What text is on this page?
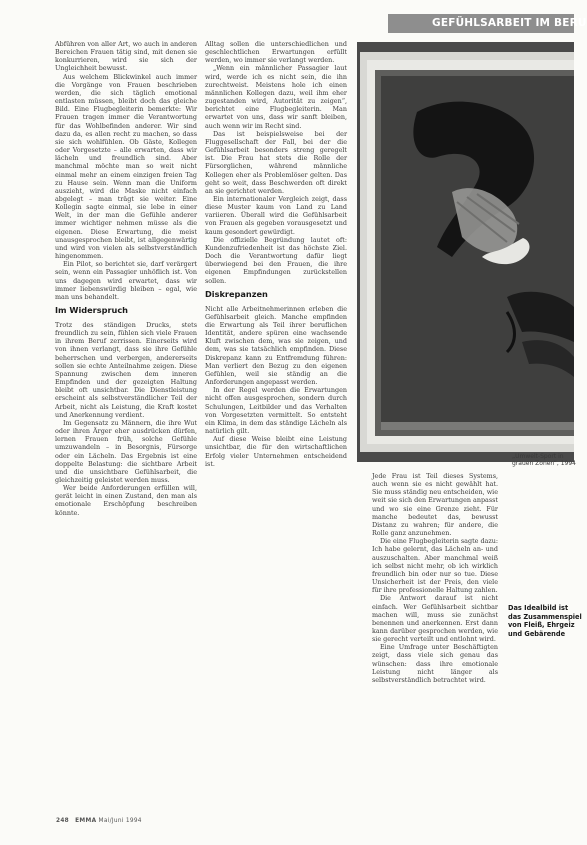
GEFÜHLSARBEIT IM BERU

Abführen von aller Art, wo auch in anderen Bereichen Frauen tätig sind, mit denen sie konkurrieren, wird sie sich der Ungleichheit bewusst.

Aus welchem Blickwinkel auch immer die Vorgänge von Frauen beschrieben werden, die sich täglich emotional entlasten müssen, bleibt doch das gleiche Bild. Eine Flugbegleiterin bemerkte: Wir Frauen tragen immer die Verantwortung für das Wohlbefinden anderer. Wir sind dazu da, es allen recht zu machen, so dass sie sich wohlfühlen. Ob Gäste, Kollegen oder Vorgesetzte – alle erwarten, dass wir lächeln und freundlich sind. Aber manchmal möchte man so weit nicht einmal mehr an einem einzigen freien Tag zu Hause sein. Wenn man die Uniform auszieht, wird die Maske nicht einfach abgelegt – man trägt sie weiter. Eine Kollegin sagte einmal, sie lebe in einer Welt, in der man die Gefühle anderer immer wichtiger nehmen müsse als die eigenen. Diese Erwartung, die meist unausgesprochen bleibt, ist allgegenwärtig und wird von vielen als selbstverständlich hingenommen.

Ein Pilot, so berichtet sie, darf verärgert sein, wenn ein Passagier unhöflich ist. Von uns dagegen wird erwartet, dass wir immer liebenswürdig bleiben – egal, wie man uns behandelt.

Im Widerspruch

Trotz des ständigen Drucks, stets freundlich zu sein, fühlen sich viele Frauen in ihrem Beruf zerrissen. Einerseits wird von ihnen verlangt, dass sie ihre Gefühle beherrschen und verbergen, andererseits sollen sie echte Anteilnahme zeigen. Diese Spannung zwischen dem inneren Empfinden und der gezeigten Haltung bleibt oft unsichtbar. Die Dienstleistung erscheint als selbstverständlicher Teil der Arbeit, nicht als Leistung, die Kraft kostet und Anerkennung verdient.

Im Gegensatz zu Männern, die ihre Wut oder ihren Ärger eher ausdrücken dürfen, lernen Frauen früh, solche Gefühle umzuwandeln – in Besorgnis, Fürsorge oder ein Lächeln. Das Ergebnis ist eine doppelte Belastung: die sichtbare Arbeit und die unsichtbare Gefühlsarbeit, die gleichzeitig geleistet werden muss.

Wer beide Anforderungen erfüllen will, gerät leicht in einen Zustand, den man als emotionale Erschöpfung beschreiben könnte.

Alltag sollen die unterschiedlichen und geschlechtlichen Erwartungen erfüllt werden, wo immer sie verlangt werden.

„Wenn ein männlicher Passagier laut wird, werde ich es nicht sein, die ihn zurechtweist. Meistens hole ich einen männlichen Kollegen dazu, weil ihm eher zugestanden wird, Autorität zu zeigen“, berichtet eine Flugbegleiterin. Man erwartet von uns, dass wir sanft bleiben, auch wenn wir im Recht sind.

Das ist beispielsweise bei der Fluggesellschaft der Fall, bei der die Gefühlsarbeit besonders streng geregelt ist. Die Frau hat stets die Rolle der Fürsorglichen, während männliche Kollegen eher als Problemlöser gelten. Das geht so weit, dass Beschwerden oft direkt an sie gerichtet werden.

Ein internationaler Vergleich zeigt, dass diese Muster kaum von Land zu Land variieren. Überall wird die Gefühlsarbeit von Frauen als gegeben vorausgesetzt und kaum gesondert gewürdigt.

Die offizielle Begründung lautet oft: Kundenzufriedenheit ist das höchste Ziel. Doch die Verantwortung dafür liegt überwiegend bei den Frauen, die ihre eigenen Empfindungen zurückstellen sollen.

Diskrepanzen

Nicht alle Arbeitnehmerinnen erleben die Gefühlsarbeit gleich. Manche empfinden die Erwartung als Teil ihrer beruflichen Identität, andere spüren eine wachsende Kluft zwischen dem, was sie zeigen, und dem, was sie tatsächlich empfinden. Diese Diskrepanz kann zu Entfremdung führen: Man verliert den Bezug zu den eigenen Gefühlen, weil sie ständig an die Anforderungen angepasst werden.

In der Regel werden die Erwartungen nicht offen ausgesprochen, sondern durch Schulungen, Leitbilder und das Verhalten von Vorgesetzten vermittelt. So entsteht ein Klima, in dem das ständige Lächeln als natürlich gilt.

Auf diese Weise bleibt eine Leistung unsichtbar, die für den wirtschaftlichen Erfolg vieler Unternehmen entscheidend ist.

„Umwelt-Sport in
grauen Zonen“, 1994

Jede Frau ist Teil dieses Systems, auch wenn sie es nicht gewählt hat. Sie muss ständig neu entscheiden, wie weit sie sich den Erwartungen anpasst und wo sie eine Grenze zieht. Für manche bedeutet das, bewusst Distanz zu wahren; für andere, die Rolle ganz anzunehmen.

Die eine Flugbegleiterin sagte dazu: Ich habe gelernt, das Lächeln an- und auszuschalten. Aber manchmal weiß ich selbst nicht mehr, ob ich wirklich freundlich bin oder nur so tue. Diese Unsicherheit ist der Preis, den viele für ihre professionelle Haltung zahlen.

Die Antwort darauf ist nicht einfach. Wer Gefühlsarbeit sichtbar machen will, muss sie zunächst benennen und anerkennen. Erst dann kann darüber gesprochen werden, wie sie gerecht verteilt und entlohnt wird.

Eine Umfrage unter Beschäftigten zeigt, dass viele sich genau das wünschen: dass ihre emotionale Leistung nicht länger als selbstverständlich betrachtet wird.

Das Idealbild ist
das Zusammenspiel
von Fleiß, Ehrgeiz
und Gebärende
248 EMMA Mai/Juni 1994
